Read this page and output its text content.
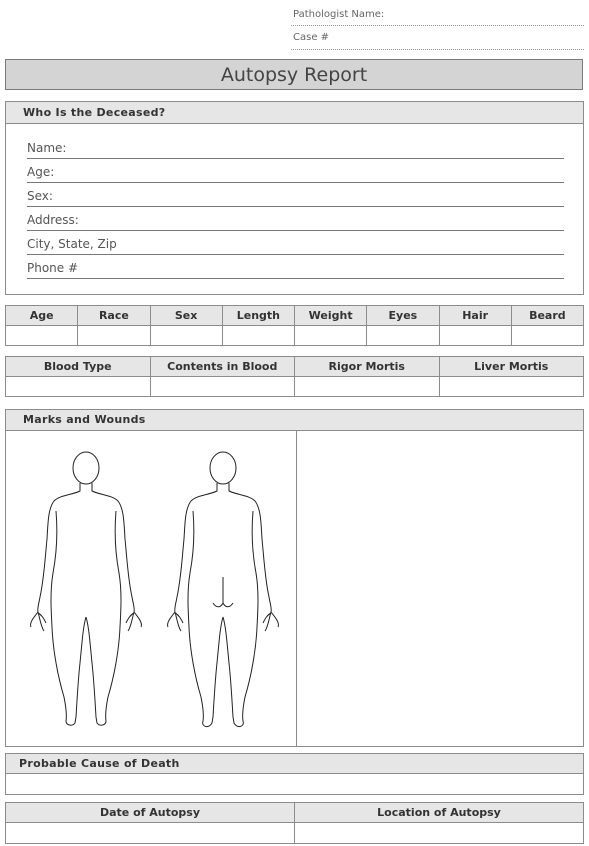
Pathologist Name:
Case #
Autopsy Report
Who Is the Deceased?
Name:
Age:
Sex:
Address:
City, State, Zip
Phone #
Age	Race	Sex	Length	Weight	Eyes	Hair	Beard

Blood Type	Contents in Blood	Rigor Mortis	Liver Mortis

Marks and Wounds
Probable Cause of Death
Date of Autopsy	Location of Autopsy
